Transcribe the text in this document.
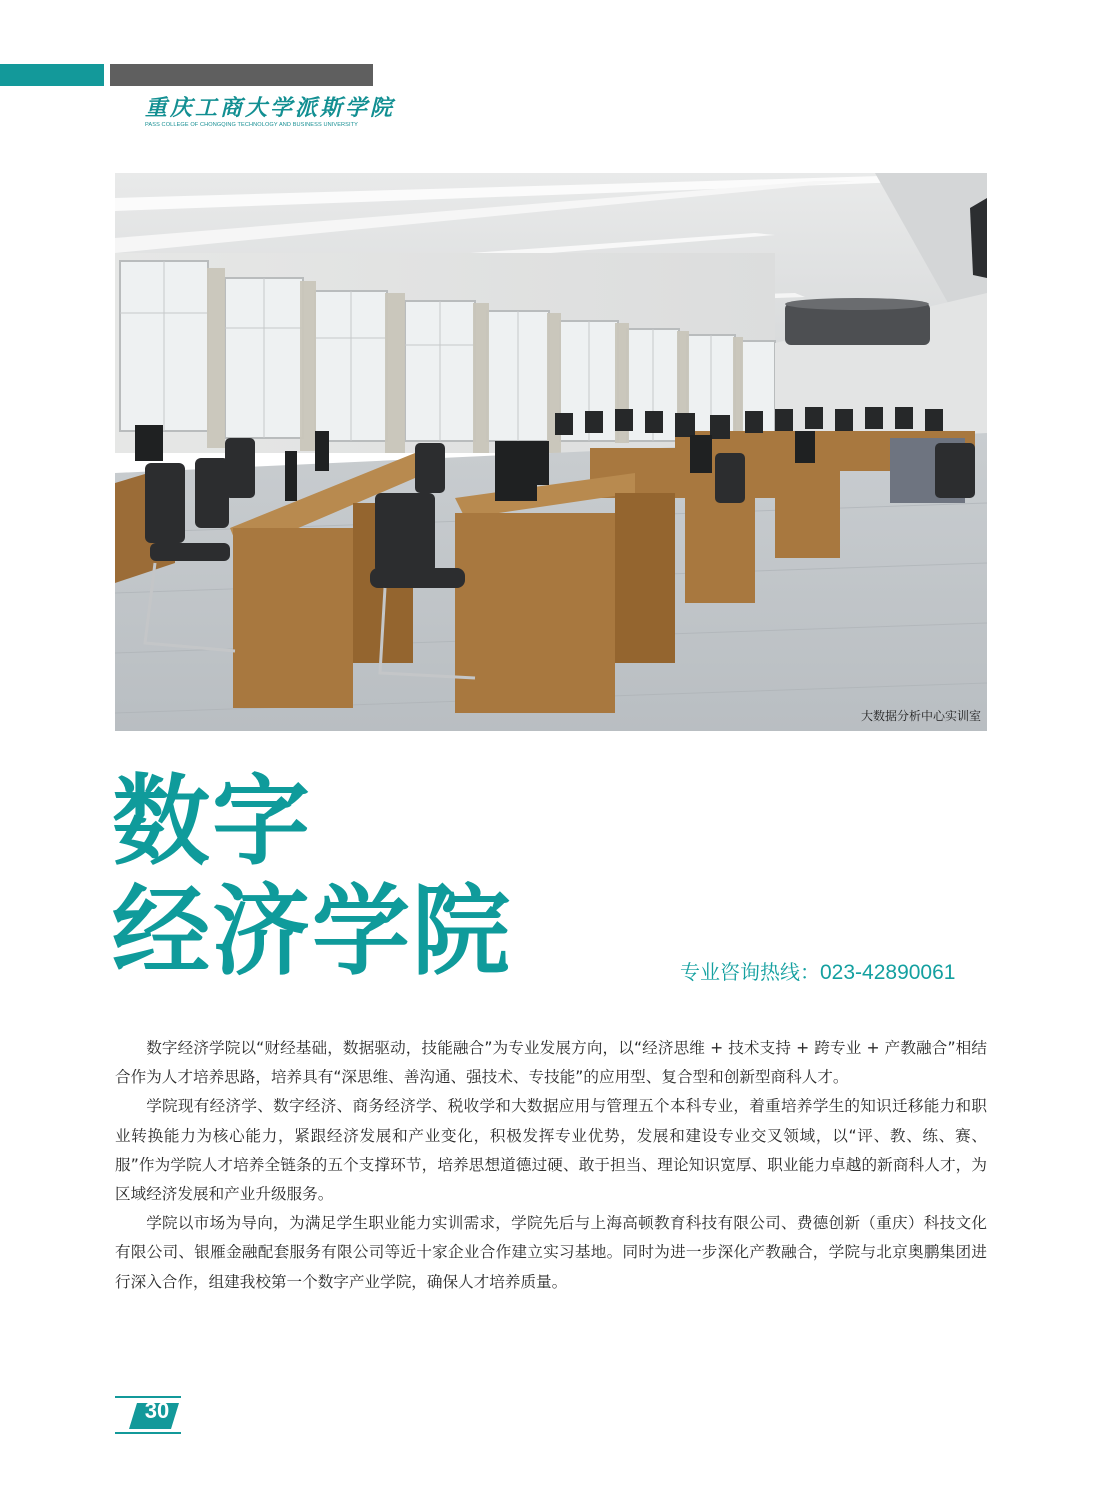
重庆工商大学派斯学院
PASS COLLEGE OF CHONGQING TECHNOLOGY AND BUSINESS UNIVERSITY
大数据分析中心实训室
数字
经济学院	专业咨询热线：023-42890061

数字经济学院以“财经基础，数据驱动，技能融合”为专业发展方向，以“经济思维 + 技术支持 + 跨专业 + 产教融合”相结合作为人才培养思路，培养具有“深思维、善沟通、强技术、专技能”的应用型、复合型和创新型商科人才。

学院现有经济学、数字经济、商务经济学、税收学和大数据应用与管理五个本科专业，着重培养学生的知识迁移能力和职业转换能力为核心能力，紧跟经济发展和产业变化，积极发挥专业优势，发展和建设专业交叉领域，以“评、教、练、赛、服”作为学院人才培养全链条的五个支撑环节，培养思想道德过硬、敢于担当、理论知识宽厚、职业能力卓越的新商科人才，为区域经济发展和产业升级服务。

学院以市场为导向，为满足学生职业能力实训需求，学院先后与上海高顿教育科技有限公司、费德创新（重庆）科技文化有限公司、银雁金融配套服务有限公司等近十家企业合作建立实习基地。同时为进一步深化产教融合，学院与北京奥鹏集团进行深入合作，组建我校第一个数字产业学院，确保人才培养质量。

30
